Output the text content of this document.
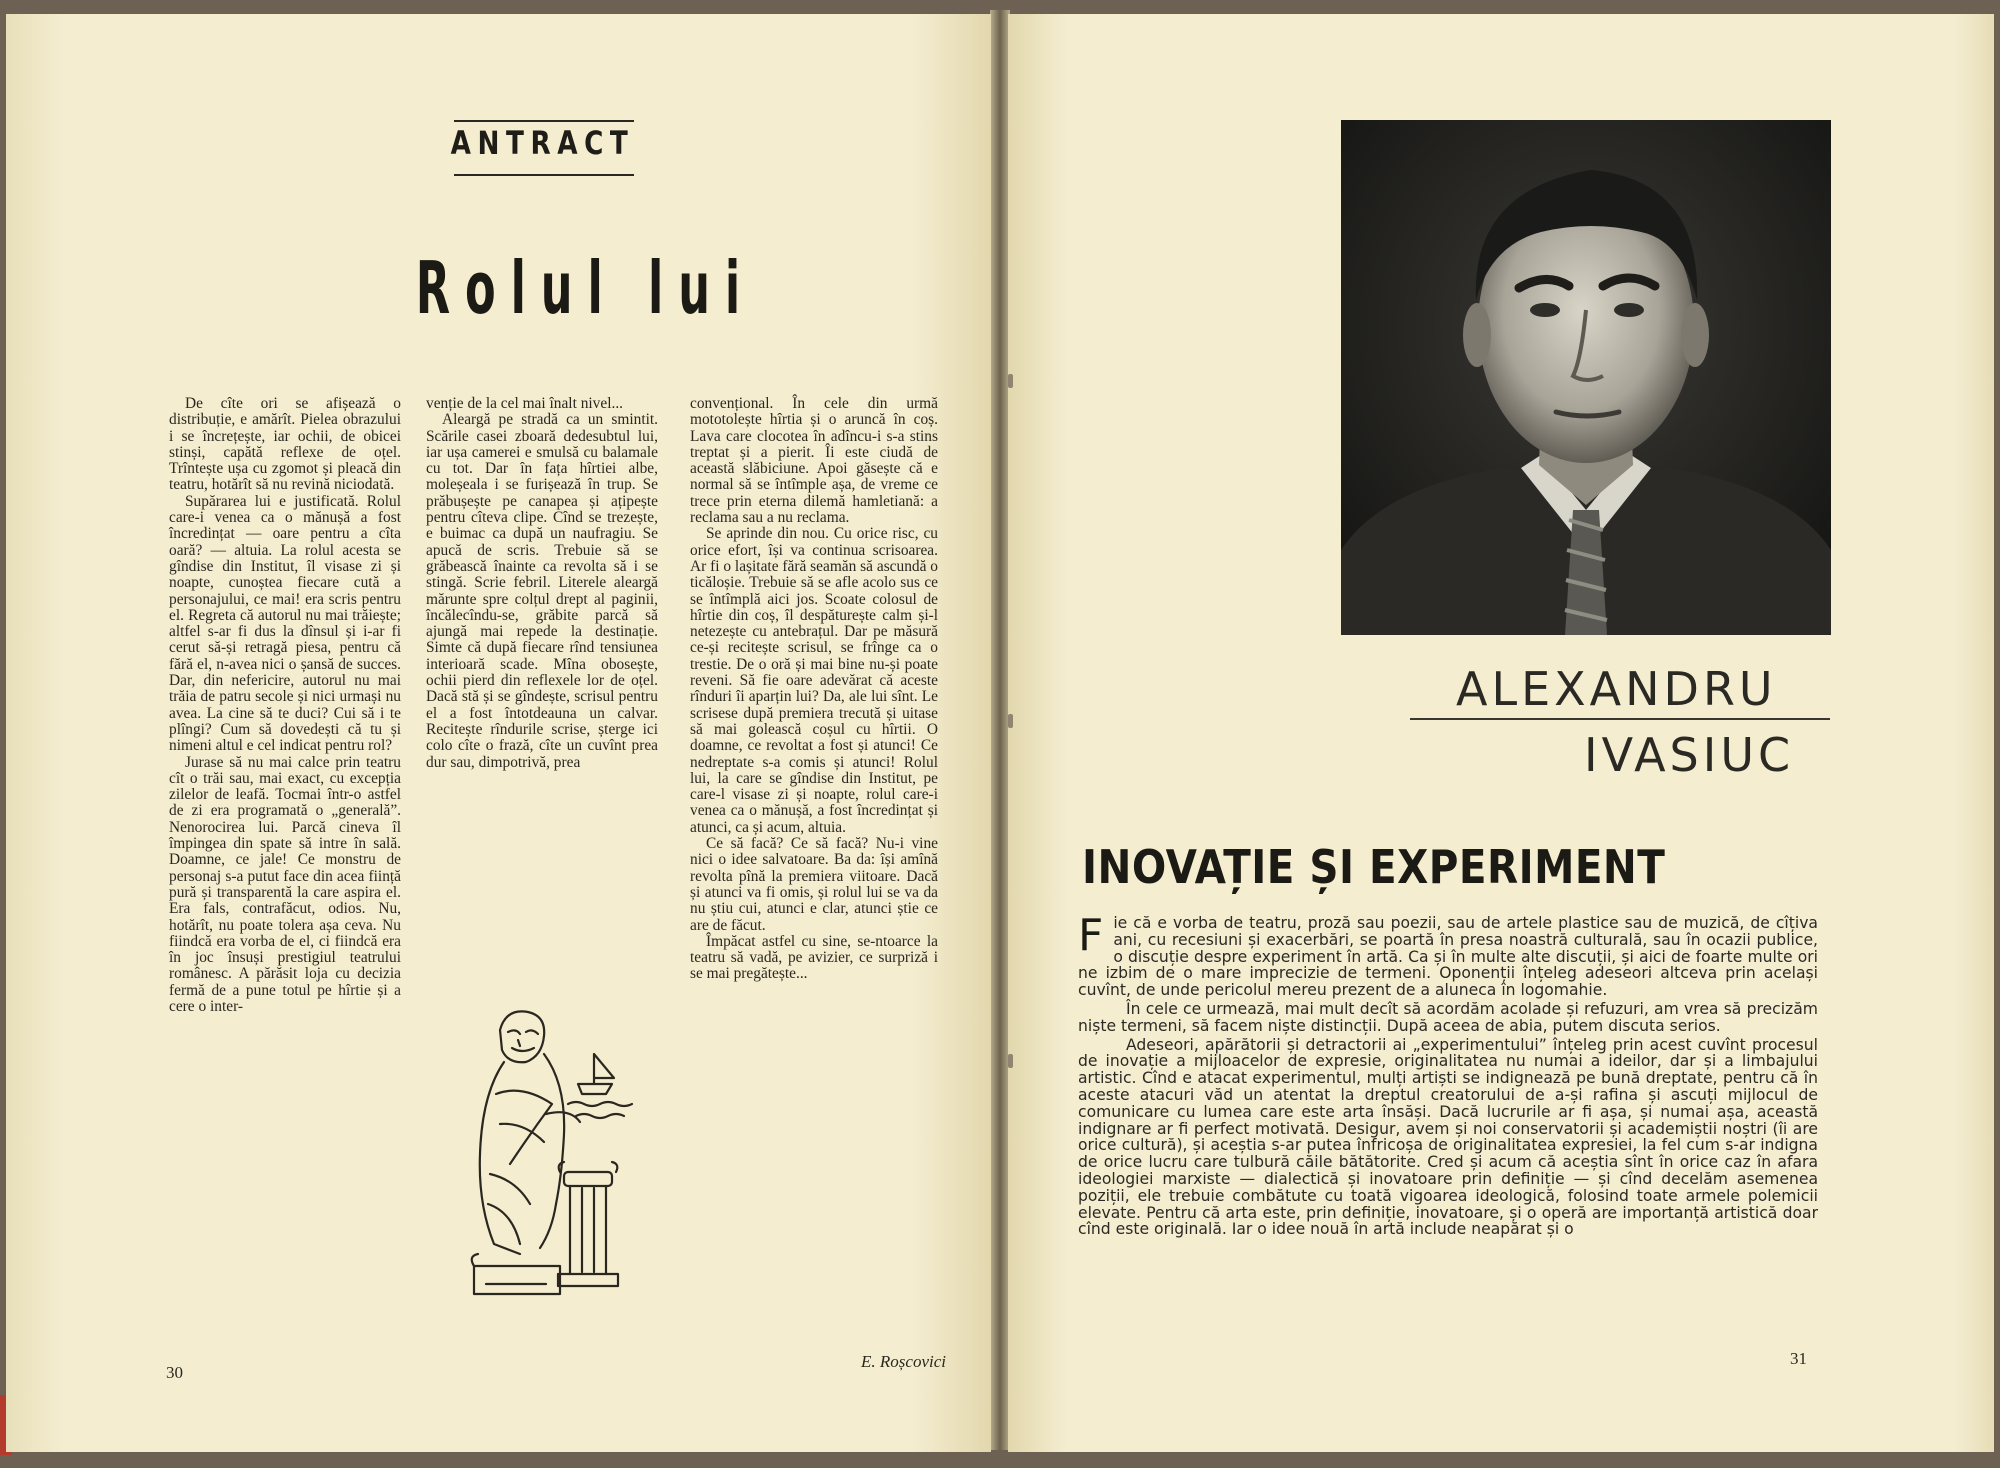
ANTRACT
Rolul lui

De cîte ori se afișează o distribuție, e amărît. Pielea obrazului i se încrețește, iar ochii, de obicei stinși, capătă reflexe de oțel. Trîntește ușa cu zgomot și pleacă din teatru, hotărît să nu revină niciodată.

Supărarea lui e justificată. Rolul care-i venea ca o mănușă a fost încredințat — oare pentru a cîta oară? — altuia. La rolul acesta se gîndise din Institut, îl visase zi și noapte, cunoștea fiecare cută a personajului, ce mai! era scris pentru el. Regreta că autorul nu mai trăiește; altfel s-ar fi dus la dînsul și i-ar fi cerut să-și retragă piesa, pentru că fără el, n-avea nici o șansă de succes. Dar, din nefericire, autorul nu mai trăia de patru secole și nici urmași nu avea. La cine să te duci? Cui să i te plîngi? Cum să dovedești că tu și nimeni altul e cel indicat pentru rol?

Jurase să nu mai calce prin teatru cît o trăi sau, mai exact, cu excepția zilelor de leafă. Tocmai într-o astfel de zi era programată o „generală”. Nenorocirea lui. Parcă cineva îl împingea din spate să intre în sală. Doamne, ce jale! Ce monstru de personaj s-a putut face din acea ființă pură și transparentă la care aspira el. Era fals, contrafăcut, odios. Nu, hotărît, nu poate tolera așa ceva. Nu fiindcă era vorba de el, ci fiindcă era în joc însuși prestigiul teatrului românesc. A părăsit loja cu decizia fermă de a pune totul pe hîrtie și a cere o inter-

venție de la cel mai înalt nivel...

Aleargă pe stradă ca un smintit. Scările casei zboară dedesubtul lui, iar ușa camerei e smulsă cu balamale cu tot. Dar în fața hîrtiei albe, moleșeala i se furișează în trup. Se prăbușește pe canapea și ațipește pentru cîteva clipe. Cînd se trezește, e buimac ca după un naufragiu. Se apucă de scris. Trebuie să se grăbească înainte ca revolta să i se stingă. Scrie febril. Literele aleargă mărunte spre colțul drept al paginii, încălecîndu-se, grăbite parcă să ajungă mai repede la destinație. Simte că după fiecare rînd tensiunea interioară scade. Mîna obosește, ochii pierd din reflexele lor de oțel. Dacă stă și se gîndește, scrisul pentru el a fost întotdeauna un calvar. Recitește rîndurile scrise, șterge ici colo cîte o frază, cîte un cuvînt prea dur sau, dimpotrivă, prea

convențional. În cele din urmă mototolește hîrtia și o aruncă în coș. Lava care clocotea în adîncu-i s-a stins treptat și a pierit. Îi este ciudă de această slăbiciune. Apoi găsește că e normal să se întîmple așa, de vreme ce trece prin eterna dilemă hamletiană: a reclama sau a nu reclama.

Se aprinde din nou. Cu orice risc, cu orice efort, își va continua scrisoarea. Ar fi o lașitate fără seamăn să ascundă o ticăloșie. Trebuie să se afle acolo sus ce se întîmplă aici jos. Scoate colosul de hîrtie din coș, îl despăturește calm și-l netezește cu antebrațul. Dar pe măsură ce-și recitește scrisul, se frînge ca o trestie. De o oră și mai bine nu-și poate reveni. Să fie oare adevărat că aceste rînduri îi aparțin lui? Da, ale lui sînt. Le scrisese după premiera trecută și uitase să mai golească coșul cu hîrtii. O doamne, ce revoltat a fost și atunci! Ce nedreptate s-a comis și atunci! Rolul lui, la care se gîndise din Institut, pe care-l visase zi și noapte, rolul care-i venea ca o mănușă, a fost încredințat și atunci, ca și acum, altuia.

Ce să facă? Ce să facă? Nu-i vine nici o idee salvatoare. Ba da: își amînă revolta pînă la premiera viitoare. Dacă și atunci va fi omis, și rolul lui se va da nu știu cui, atunci e clar, atunci știe ce are de făcut.

Împăcat astfel cu sine, se-ntoarce la teatru să vadă, pe avizier, ce surpriză i se mai pregătește...

E. Roșcovici
30
ALEXANDRU
IVASIUC
INOVAȚIE ȘI EXPERIMENT

Fie că e vorba de teatru, proză sau poezii, sau de artele plastice sau de muzică, de cîțiva ani, cu recesiuni și exacerbări, se poartă în presa noastră culturală, sau în ocazii publice, o discuție despre experiment în artă. Ca și în multe alte discuții, și aici de foarte multe ori ne izbim de o mare imprecizie de termeni. Oponenții înțeleg adeseori altceva prin același cuvînt, de unde pericolul mereu prezent de a aluneca în logomahie.

În cele ce urmează, mai mult decît să acordăm acolade și refuzuri, am vrea să precizăm niște termeni, să facem niște distincții. După aceea de abia, putem discuta serios.

Adeseori, apărătorii și detractorii ai „experimentului” înțeleg prin acest cuvînt procesul de inovație a mijloacelor de expresie, originalitatea nu numai a ideilor, dar și a limbajului artistic. Cînd e atacat experimentul, mulți artiști se indignează pe bună dreptate, pentru că în aceste atacuri văd un atentat la dreptul creatorului de a-și rafina și ascuți mijlocul de comunicare cu lumea care este arta însăși. Dacă lucrurile ar fi așa, și numai așa, această indignare ar fi perfect motivată. Desigur, avem și noi conservatorii și academiștii noștri (îi are orice cultură), și aceștia s-ar putea înfricoșa de originalitatea expresiei, la fel cum s-ar indigna de orice lucru care tulbură căile bătătorite. Cred și acum că aceștia sînt în orice caz în afara ideologiei marxiste — dialectică și inovatoare prin definiție — și cînd decelăm asemenea poziții, ele trebuie combătute cu toată vigoarea ideologică, folosind toate armele polemicii elevate. Pentru că arta este, prin definiție, inovatoare, și o operă are importanță artistică doar cînd este originală. Iar o idee nouă în artă include neapărat și o

31
